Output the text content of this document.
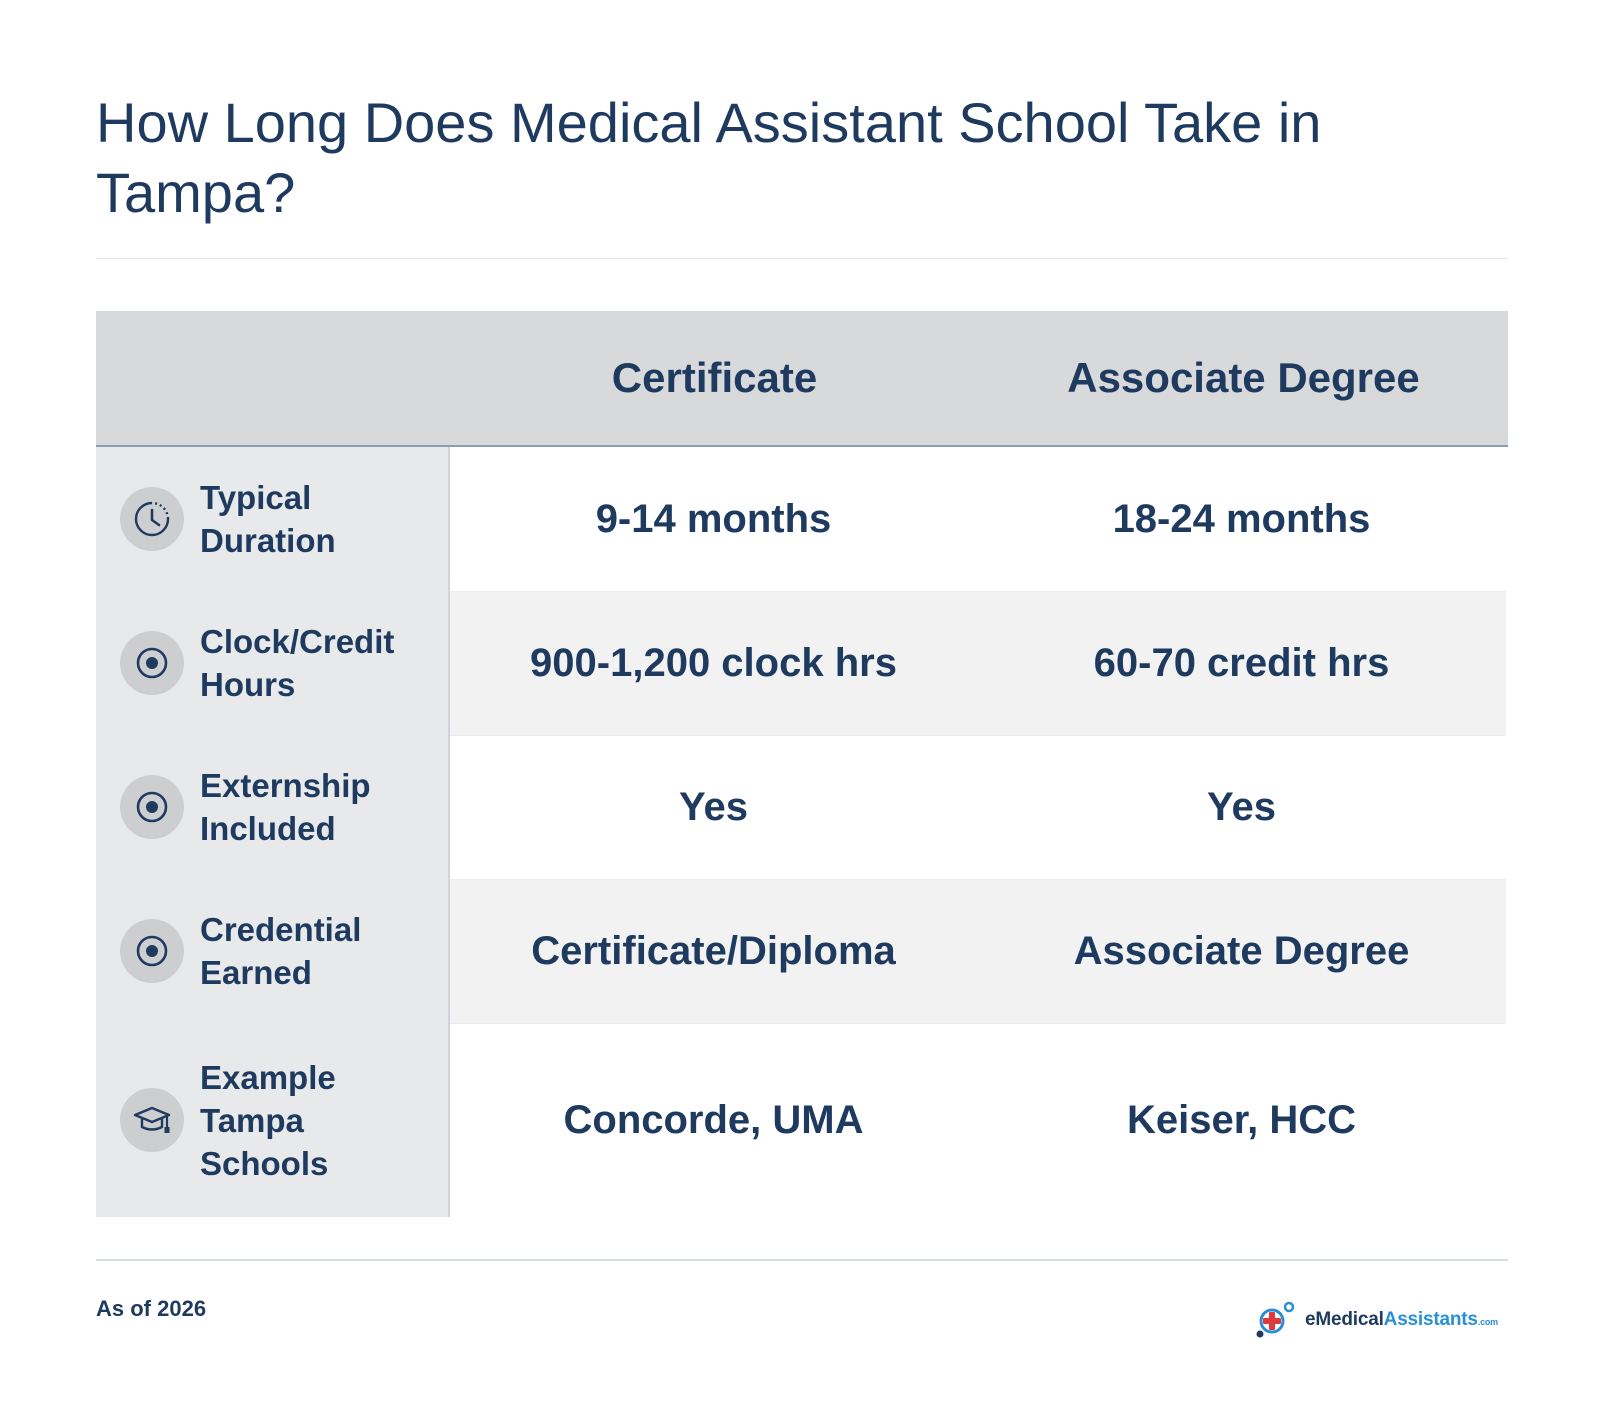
How Long Does Medical Assistant School Take in Tampa?
Certificate	Associate Degree
Typical
Duration	9-14 months	18-24 months
Clock/Credit
Hours	900-1,200 clock hrs	60-70 credit hrs
Externship
Included	Yes	Yes
Credential
Earned	Certificate/Diploma	Associate Degree
Example
Tampa
Schools
Concorde, UMA	Keiser, HCC
As of 2026	eMedicalAssistants.com
